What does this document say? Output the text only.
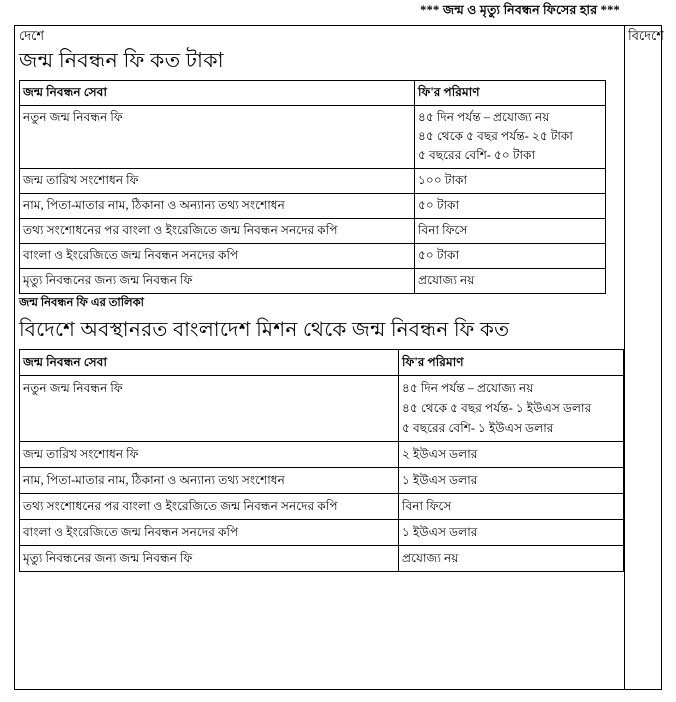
*** জন্ম ও মৃত্যু নিবন্ধন ফিসের হার ***
দেশে
জন্ম নিবন্ধন ফি কত টাকা
জন্ম নিবন্ধন সেবা	ফি'র পরিমাণ
নতুন জন্ম নিবন্ধন ফি	৪৫ দিন পর্যন্ত – প্রযোজ্য নয়
৪৫ থেকে ৫ বছর পর্যন্ত- ২৫ টাকা
৫ বছরের বেশি- ৫০ টাকা

জন্ম তারিখ সংশোধন ফি	১০০ টাকা
নাম, পিতা-মাতার নাম, ঠিকানা ও অন্যান্য তথ্য সংশোধন	৫০ টাকা
তথ্য সংশোধনের পর বাংলা ও ইংরেজিতে জন্ম নিবন্ধন সনদের কপি	বিনা ফিসে
বাংলা ও ইংরেজিতে জন্ম নিবন্ধন সনদের কপি	৫০ টাকা
মৃত্যু নিবন্ধনের জন্য জন্ম নিবন্ধন ফি	প্রযোজ্য নয়
জন্ম নিবন্ধন ফি এর তালিকা
বিদেশে অবস্থানরত বাংলাদেশ মিশন থেকে জন্ম নিবন্ধন ফি কত
জন্ম নিবন্ধন সেবা	ফি'র পরিমাণ
নতুন জন্ম নিবন্ধন ফি	৪৫ দিন পর্যন্ত – প্রযোজ্য নয়
৪৫ থেকে ৫ বছর পর্যন্ত- ১ ইউএস ডলার
৫ বছরের বেশি- ১ ইউএস ডলার

জন্ম তারিখ সংশোধন ফি	২ ইউএস ডলার
নাম, পিতা-মাতার নাম, ঠিকানা ও অন্যান্য তথ্য সংশোধন	১ ইউএস ডলার
তথ্য সংশোধনের পর বাংলা ও ইংরেজিতে জন্ম নিবন্ধন সনদের কপি	বিনা ফিসে
বাংলা ও ইংরেজিতে জন্ম নিবন্ধন সনদের কপি	১ ইউএস ডলার
মৃত্যু নিবন্ধনের জন্য জন্ম নিবন্ধন ফি	প্রযোজ্য নয়
বিদেশে
